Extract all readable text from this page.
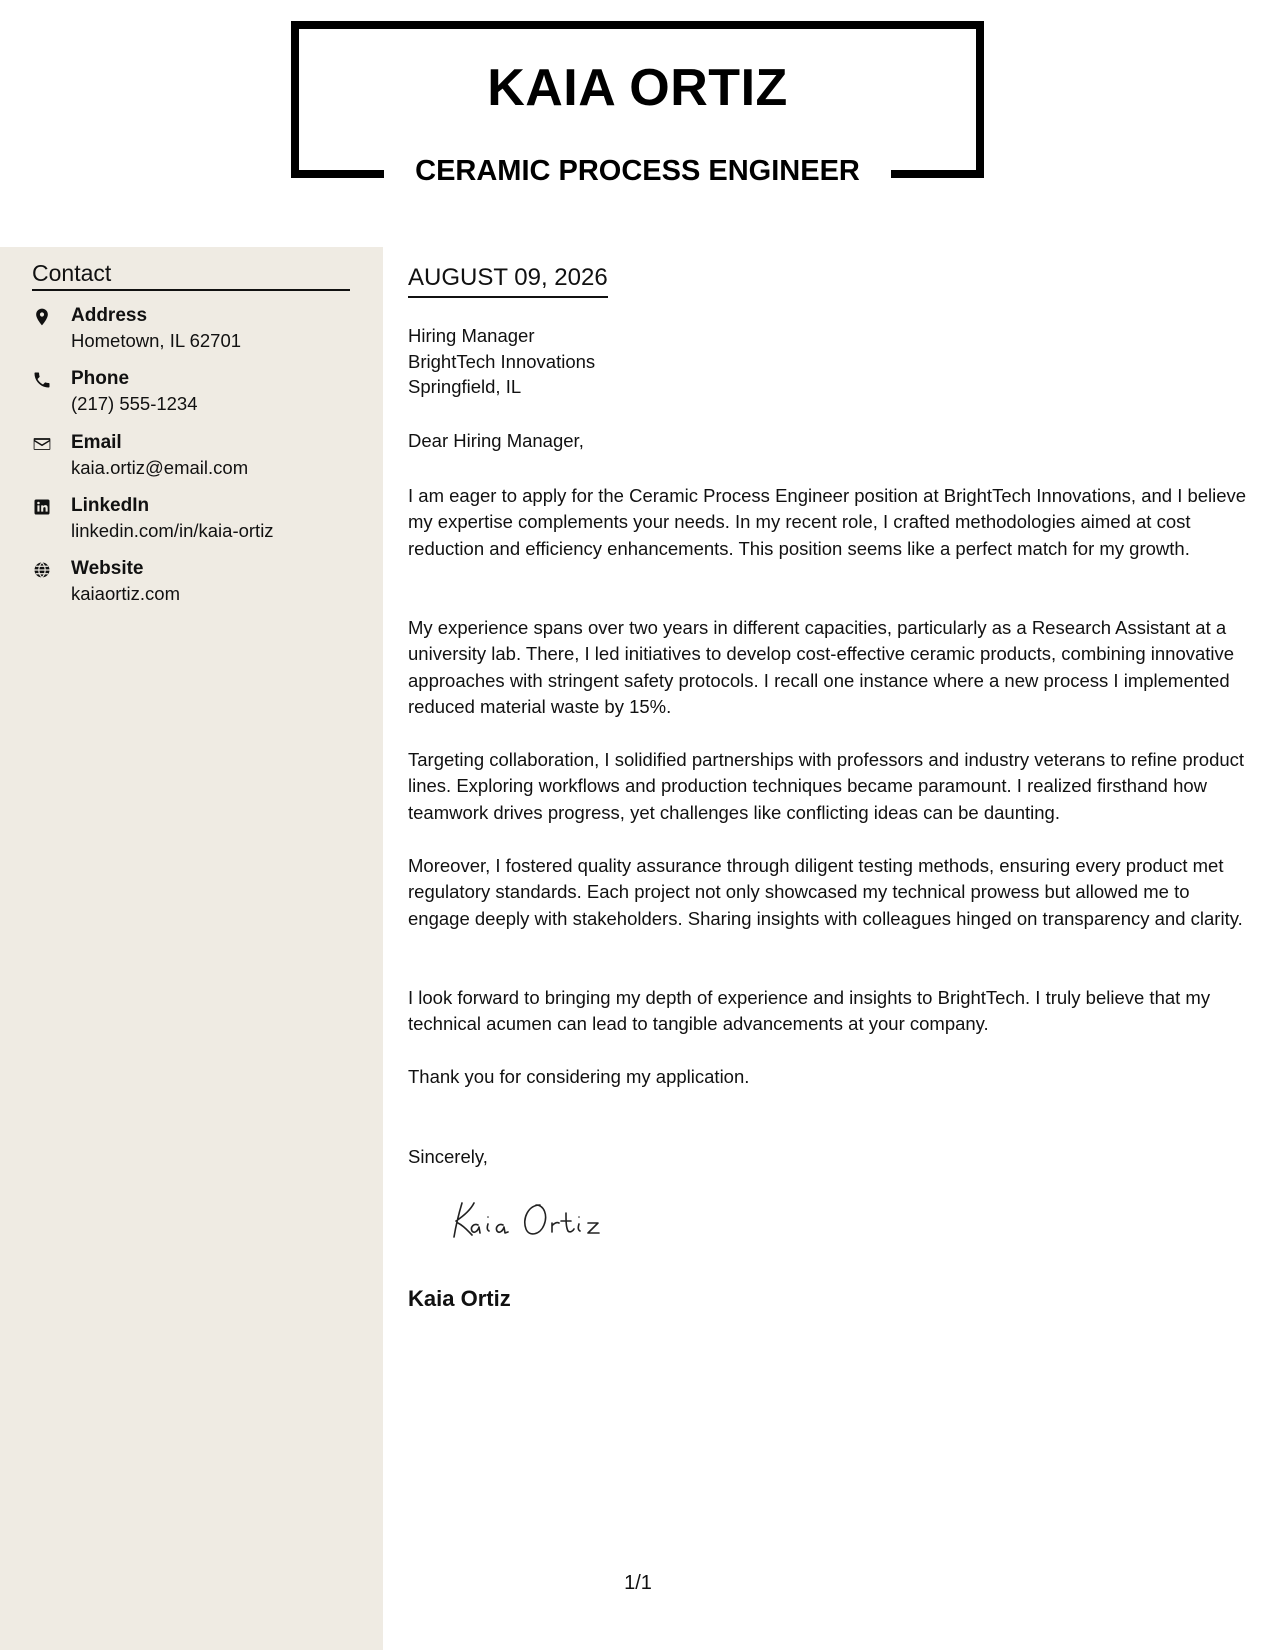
KAIA ORTIZ
CERAMIC PROCESS ENGINEER
Contact
Address
Hometown, IL 62701
Phone
(217) 555-1234
Email
kaia.ortiz@email.com
LinkedIn
linkedin.com/in/kaia-ortiz
Website
kaiaortiz.com
AUGUST 09, 2026
Hiring Manager
BrightTech Innovations
Springfield, IL
Dear Hiring Manager,

I am eager to apply for the Ceramic Process Engineer position at BrightTech Innovations, and I believe my expertise complements your needs. In my recent role, I crafted methodologies aimed at cost reduction and efficiency enhancements. This position seems like a perfect match for my growth.

My experience spans over two years in different capacities, particularly as a Research Assistant at a university lab. There, I led initiatives to develop cost-effective ceramic products, combining innovative approaches with stringent safety protocols. I recall one instance where a new process I implemented reduced material waste by 15%.

Targeting collaboration, I solidified partnerships with professors and industry veterans to refine product lines. Exploring workflows and production techniques became paramount. I realized firsthand how teamwork drives progress, yet challenges like conflicting ideas can be daunting.

Moreover, I fostered quality assurance through diligent testing methods, ensuring every product met regulatory standards. Each project not only showcased my technical prowess but allowed me to engage deeply with stakeholders. Sharing insights with colleagues hinged on transparency and clarity.

I look forward to bringing my depth of experience and insights to BrightTech. I truly believe that my technical acumen can lead to tangible advancements at your company.

Thank you for considering my application.

Sincerely,
Kaia Ortiz
1/1
